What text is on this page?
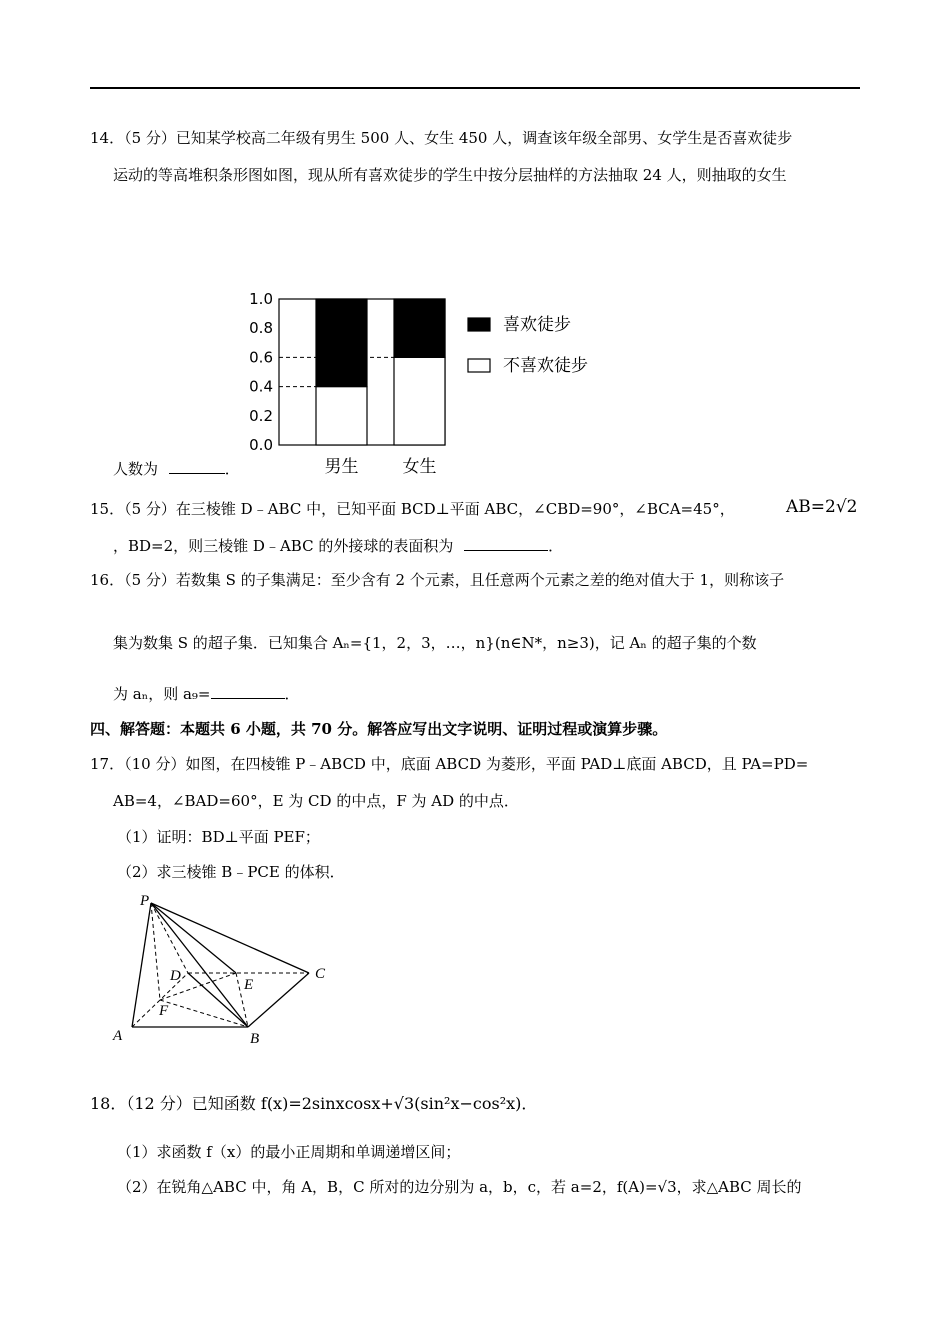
14．（5 分）已知某学校高二年级有男生 500 人、女生 450 人，调查该年级全部男、女学生是否喜欢徒步
运动的等高堆积条形图如图，现从所有喜欢徒步的学生中按分层抽样的方法抽取 24 人，则抽取的女生
人数为	．
1.0
0.8
0.6
0.4
0.2
0.0
男生	女生
喜欢徒步
不喜欢徒步
15．（5 分）在三棱锥 D﹣ABC 中，已知平面 BCD⊥平面 ABC，∠CBD=90°，∠BCA=45°，	AB=2√2
，BD=2，则三棱锥 D﹣ABC 的外接球的表面积为	．
16．（5 分）若数集 S 的子集满足：至少含有 2 个元素，且任意两个元素之差的绝对值大于 1，则称该子
集为数集 S 的超子集．已知集合 Aₙ={1，2，3，…，n}(n∈N*，n≥3)，记 Aₙ 的超子集的个数
为 aₙ，则 a₉=	．
四、解答题：本题共 6 小题，共 70 分。解答应写出文字说明、证明过程或演算步骤。
17．（10 分）如图，在四棱锥 P﹣ABCD 中，底面 ABCD 为菱形，平面 PAD⊥底面 ABCD，且 PA=PD=
AB=4，∠BAD=60°，E 为 CD 的中点，F 为 AD 的中点．
（1）证明：BD⊥平面 PEF；
（2）求三棱锥 B﹣PCE 的体积．
P
D
E
C
F
A	B
18．（12 分）已知函数 f(x)=2sinxcosx+√3(sin²x−cos²x)．
（1）求函数 f（x）的最小正周期和单调递增区间；
（2）在锐角△ABC 中，角 A，B，C 所对的边分别为 a，b，c，若 a=2，f(A)=√3，求△ABC 周长的
